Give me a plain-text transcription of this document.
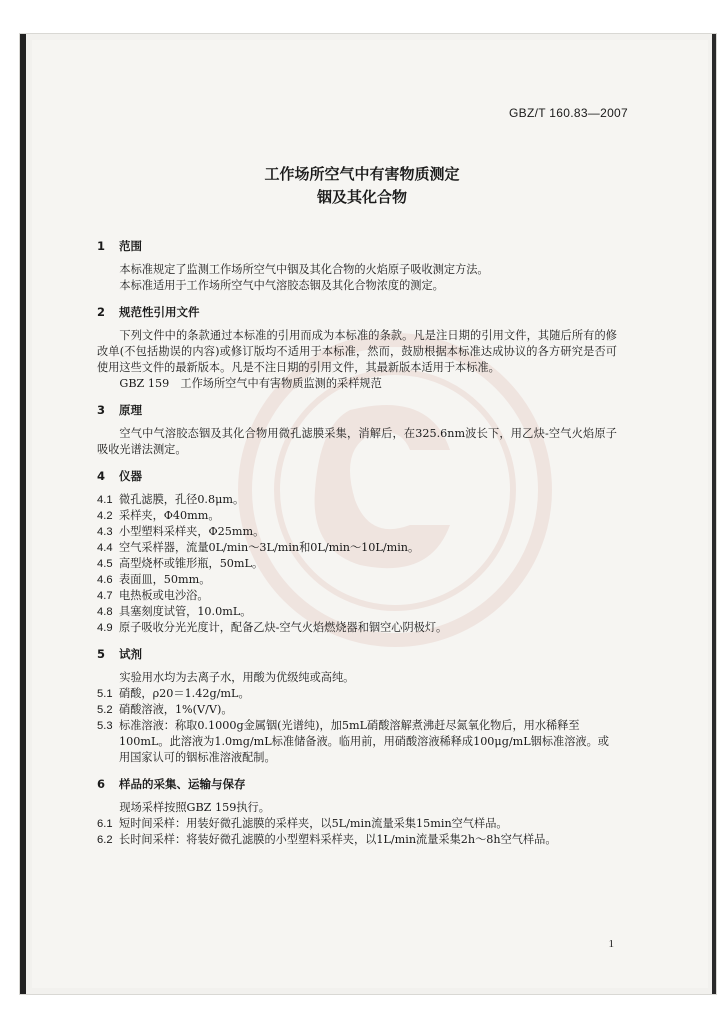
GBZ/T 160.83—2007
工作场所空气中有害物质测定
铟及其化合物

1 范围

本标准规定了监测工作场所空气中铟及其化合物的火焰原子吸收测定方法。

本标准适用于工作场所空气中气溶胶态铟及其化合物浓度的测定。

2 规范性引用文件

下列文件中的条款通过本标准的引用而成为本标准的条款。凡是注日期的引用文件，其随后所有的修改单(不包括勘误的内容)或修订版均不适用于本标准，然而，鼓励根据本标准达成协议的各方研究是否可使用这些文件的最新版本。凡是不注日期的引用文件，其最新版本适用于本标准。

GBZ 159　工作场所空气中有害物质监测的采样规范

3 原理

空气中气溶胶态铟及其化合物用微孔滤膜采集，消解后，在325.6nm波长下，用乙炔-空气火焰原子吸收光谱法测定。

4 仪器

4.1 微孔滤膜，孔径0.8μm。

4.2 采样夹，Φ40mm。

4.3 小型塑料采样夹，Φ25mm。

4.4 空气采样器，流量0L/min～3L/min和0L/min～10L/min。

4.5 高型烧杯或锥形瓶，50mL。

4.6 表面皿，50mm。

4.7 电热板或电沙浴。

4.8 具塞刻度试管，10.0mL。

4.9 原子吸收分光光度计，配备乙炔-空气火焰燃烧器和铟空心阴极灯。

5 试剂

实验用水均为去离子水，用酸为优级纯或高纯。

5.1 硝酸，ρ20＝1.42g/mL。

5.2 硝酸溶液，1%(V/V)。

5.3 标准溶液：称取0.1000g金属铟(光谱纯)，加5mL硝酸溶解煮沸赶尽氮氧化物后，用水稀释至100mL。此溶液为1.0mg/mL标准储备液。临用前，用硝酸溶液稀释成100μg/mL铟标准溶液。或用国家认可的铟标准溶液配制。

6 样品的采集、运输与保存

现场采样按照GBZ 159执行。

6.1 短时间采样：用装好微孔滤膜的采样夹，以5L/min流量采集15min空气样品。

6.2 长时间采样：将装好微孔滤膜的小型塑料采样夹，以1L/min流量采集2h～8h空气样品。

1
